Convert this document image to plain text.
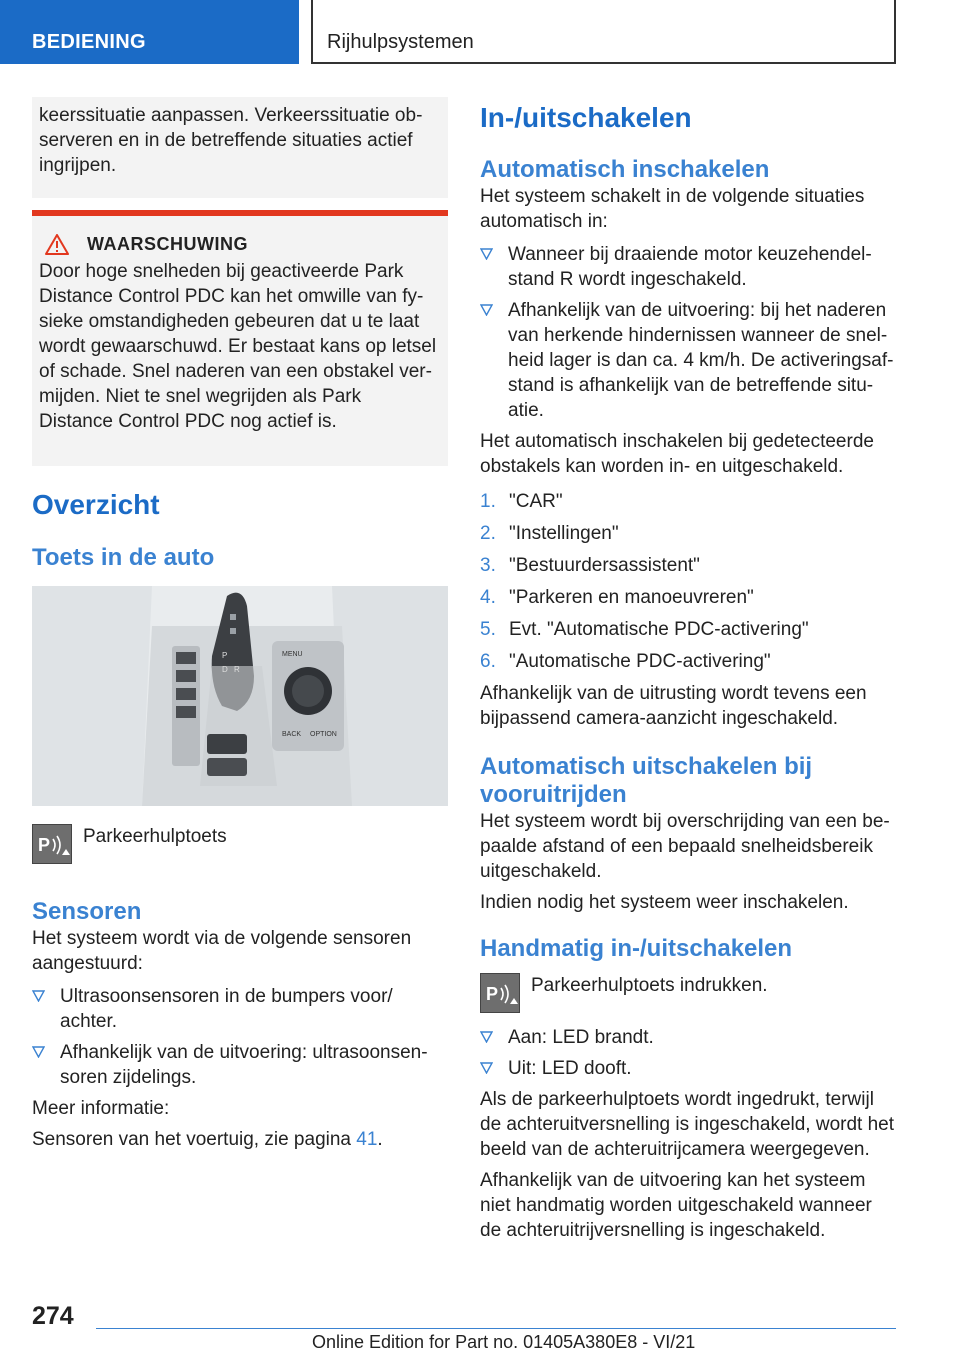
BEDIENING	Rijhulpsystemen
keerssituatie aanpassen. Verkeerssituatie observeren en in de betreffende situaties actief ingrijpen.
WAARSCHUWING
Door hoge snelheden bij geactiveerde Park Distance Control PDC kan het omwille van fysieke omstandigheden gebeuren dat u te laat wordt gewaarschuwd. Er bestaat kans op letsel of schade. Snel naderen van een obstakel vermijden. Niet te snel wegrijden als Park Distance Control PDC nog actief is.
Overzicht
Toets in de auto
MENU
BACK OPTION
P
D R
P Parkeerhulptoets

Sensoren

Het systeem wordt via de volgende sensoren aangestuurd:

Ultrasoonsensoren in de bumpers voor/ achter.
Afhankelijk van de uitvoering: ultrasoonsensoren zijdelings.

Meer informatie:

Sensoren van het voertuig, zie pagina 41.

In-/uitschakelen
Automatisch inschakelen

Het systeem schakelt in de volgende situaties automatisch in:

Wanneer bij draaiende motor keuzehendelstand R wordt ingeschakeld.
Afhankelijk van de uitvoering: bij het naderen van herkende hindernissen wanneer de snelheid lager is dan ca. 4 km/h. De activeringsafstand is afhankelijk van de betreffende situatie.

Het automatisch inschakelen bij gedetecteerde obstakels kan worden in- en uitgeschakeld.

1. "CAR"
2. "Instellingen"
3. "Bestuurdersassistent"
4. "Parkeren en manoeuvreren"
5. Evt. "Automatische PDC-activering"
6. "Automatische PDC-activering"

Afhankelijk van de uitrusting wordt tevens een bijpassend camera-aanzicht ingeschakeld.

Automatisch uitschakelen bij vooruitrijden

Het systeem wordt bij overschrijding van een bepaalde afstand of een bepaald snelheidsbereik uitgeschakeld.

Indien nodig het systeem weer inschakelen.

Handmatig in-/uitschakelen
P Parkeerhulptoets indrukken.

Aan: LED brandt.
Uit: LED dooft.

Als de parkeerhulptoets wordt ingedrukt, terwijl de achteruitversnelling is ingeschakeld, wordt het beeld van de achteruitrijcamera weergegeven.

Afhankelijk van de uitvoering kan het systeem niet handmatig worden uitgeschakeld wanneer de achteruitrijversnelling is ingeschakeld.

274
Online Edition for Part no. 01405A380E8 - VI/21
